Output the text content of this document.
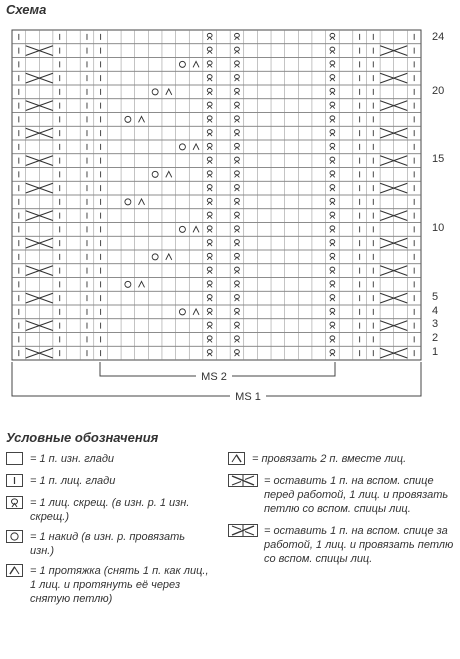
Схема
24
20
15
10
5
4
3
2
1
MS 2
MS 1
Условные обозначения
= 1 п. изн. глади
= 1 п. лиц. глади
= 1 лиц. скрещ. (в изн. р. 1 изн. скрещ.)
= 1 накид (в изн. р. провязать изн.)
= 1 протяжка (снять 1 п. как лиц., 1 лиц. и протянуть её через снятую петлю)
= провязать 2 п. вместе лиц.
= оставить 1 п. на вспом. спице перед работой, 1 лиц. и провязать петлю со вспом. спицы лиц.
= оставить 1 п. на вспом. спице за работой, 1 лиц. и провязать петлю со вспом. спицы лиц.
